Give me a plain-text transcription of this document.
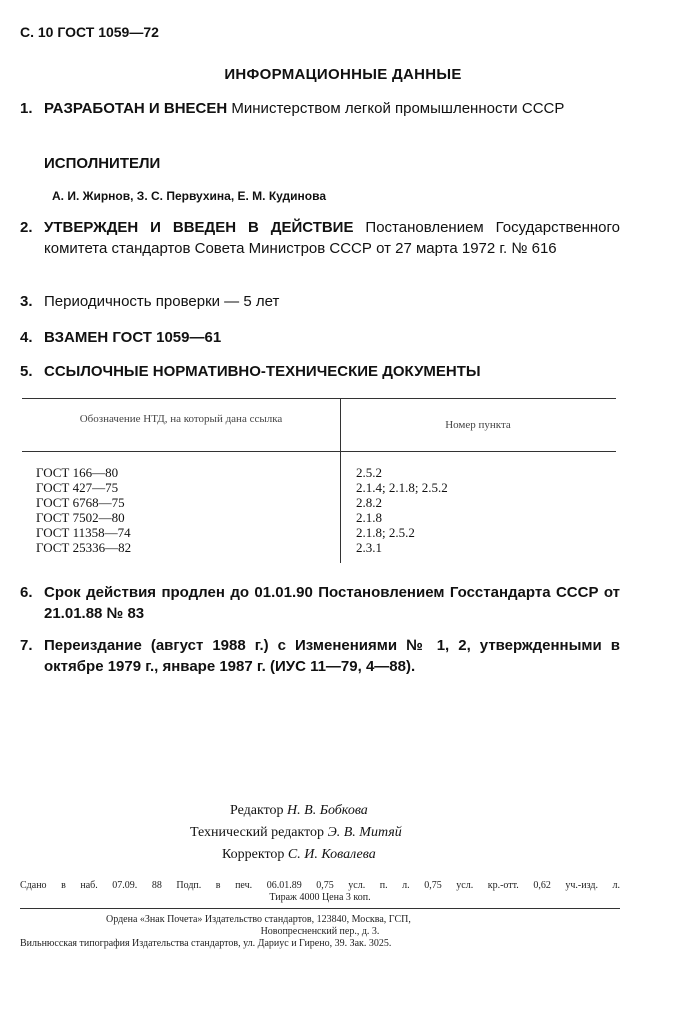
С. 10 ГОСТ 1059—72
ИНФОРМАЦИОННЫЕ ДАННЫЕ
1. РАЗРАБОТАН И ВНЕСЕН Министерством легкой промышленности СССР
ИСПОЛНИТЕЛИ
А. И. Жирнов, З. С. Первухина, Е. М. Кудинова
2. УТВЕРЖДЕН И ВВЕДЕН В ДЕЙСТВИЕ Постановлением Государственного комитета стандартов Совета Министров СССР от 27 марта 1972 г. № 616
3. Периодичность проверки — 5 лет
4. ВЗАМЕН ГОСТ 1059—61
5. ССЫЛОЧНЫЕ НОРМАТИВНО-ТЕХНИЧЕСКИЕ ДОКУМЕНТЫ
Обозначение НТД, на который дана ссылка	Номер пункта
ГОСТ 166—80	2.5.2
ГОСТ 427—75	2.1.4; 2.1.8; 2.5.2
ГОСТ 6768—75	2.8.2
ГОСТ 7502—80	2.1.8
ГОСТ 11358—74	2.1.8; 2.5.2
ГОСТ 25336—82	2.3.1
6. Срок действия продлен до 01.01.90 Постановлением Госстандарта СССР от 21.01.88 № 83
7. Переиздание (август 1988 г.) с Изменениями № 1, 2, утвержденными в октябре 1979 г., январе 1987 г. (ИУС 11—79, 4—88).
Редактор Н. В. Бобкова
Технический редактор Э. В. Митяй
Корректор С. И. Ковалева
Сдано в наб. 07.09. 88 Подп. в печ. 06.01.89 0,75 усл. п. л. 0,75 усл. кр.-отт. 0,62 уч.-изд. л.
Тираж 4000 Цена 3 коп.
Ордена «Знак Почета» Издательство стандартов, 123840, Москва, ГСП,
Новопресненский пер., д. 3.
Вильнюсская типография Издательства стандартов, ул. Дариус и Гирено, 39. Зак. 3025.
